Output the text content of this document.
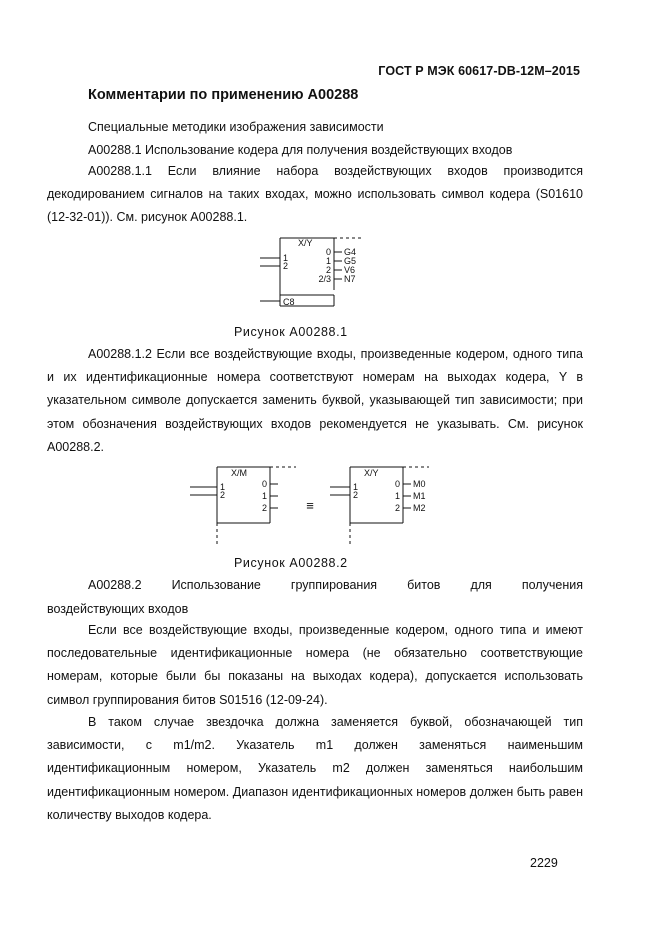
ГОСТ Р МЭК 60617-DB-12M–2015
Комментарии по применению A00288
Специальные методики изображения зависимости
A00288.1 Использование кодера для получения воздействующих входов
A00288.1.1 Если влияние набора воздействующих входов производится декодированием сигналов на таких входах, можно использовать символ кодера (S01610 (12-32-01)). См. рисунок A00288.1.
X/Y
1
2
0
1
2
2/3
G4
G5
V6
N7
C8
Рисунок A00288.1
A00288.1.2 Если все воздействующие входы, произведенные кодером, одного типа и их идентификационные номера соответствуют номерам на выходах кодера, Y в указательном символе допускается заменить буквой, указывающей тип зависимости; при этом обозначения воздействующих входов рекомендуется не указывать. См. рисунок A00288.2.
X/M
1
2
0
1
2	≡
X/Y
1
2
0
1
2
M0
M1
M2
Рисунок A00288.2
A00288.2 Использование группирования битов для получения
воздействующих входов
Если все воздействующие входы, произведенные кодером, одного типа и имеют последовательные идентификационные номера (не обязательно соответствующие номерам, которые были бы показаны на выходах кодера), допускается использовать символ группирования битов S01516 (12-09-24).
В таком случае звездочка должна заменяется буквой, обозначающей тип зависимости, с m1/m2. Указатель m1 должен заменяться наименьшим идентификационным номером, Указатель m2 должен заменяться наибольшим идентификационным номером. Диапазон идентификационных номеров должен быть равен количеству выходов кодера.
2229
